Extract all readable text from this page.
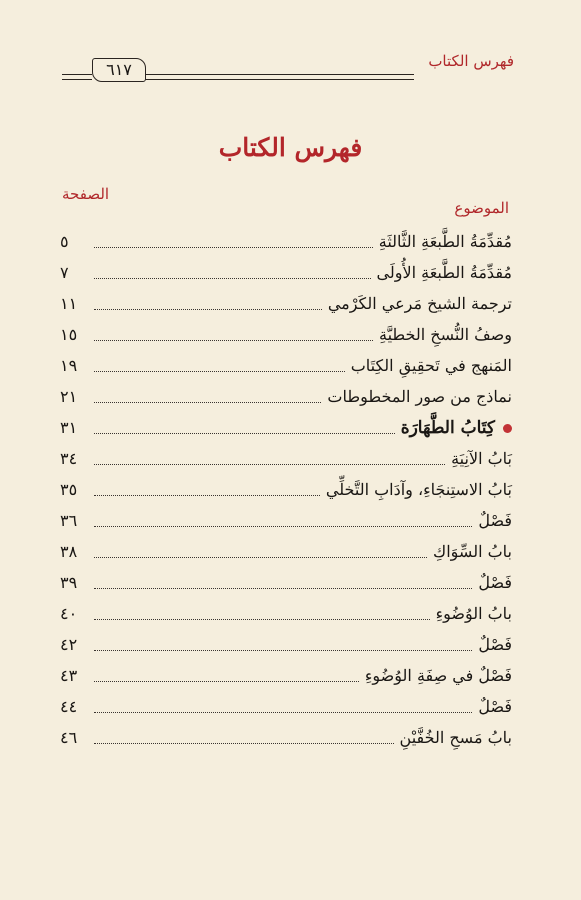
فهرس الكتاب
٦١٧
فهرس الكتاب
الصفحة
الموضوع
مُقدِّمَةُ الطَّبعَةِ الثَّالثَةِ
٥
مُقدِّمَةُ الطَّبعَةِ الأُولَى
٧
ترجمة الشيخ مَرعي الكَرْمي
١١
وصفُ النُّسخِ الخطيَّةِ
١٥
المَنهج في تَحقِيقِ الكِتَاب
١٩
نماذج من صور المخطوطات
٢١
كِتَابُ الطَّهَارَة
٣١
بَابُ الآنِيَةِ
٣٤
بَابُ الاستِنجَاءِ، وآدَابِ التَّخلِّي
٣٥
فَصْلٌ
٣٦
بابُ السِّوَاكِ
٣٨
فَصْلٌ
٣٩
بابُ الوُضُوءِ
٤٠
فَصْلٌ
٤٢
فَصْلٌ في صِفَةِ الوُضُوءِ
٤٣
فَصْلٌ
٤٤
بابُ مَسحِ الخُفَّيْنِ
٤٦
